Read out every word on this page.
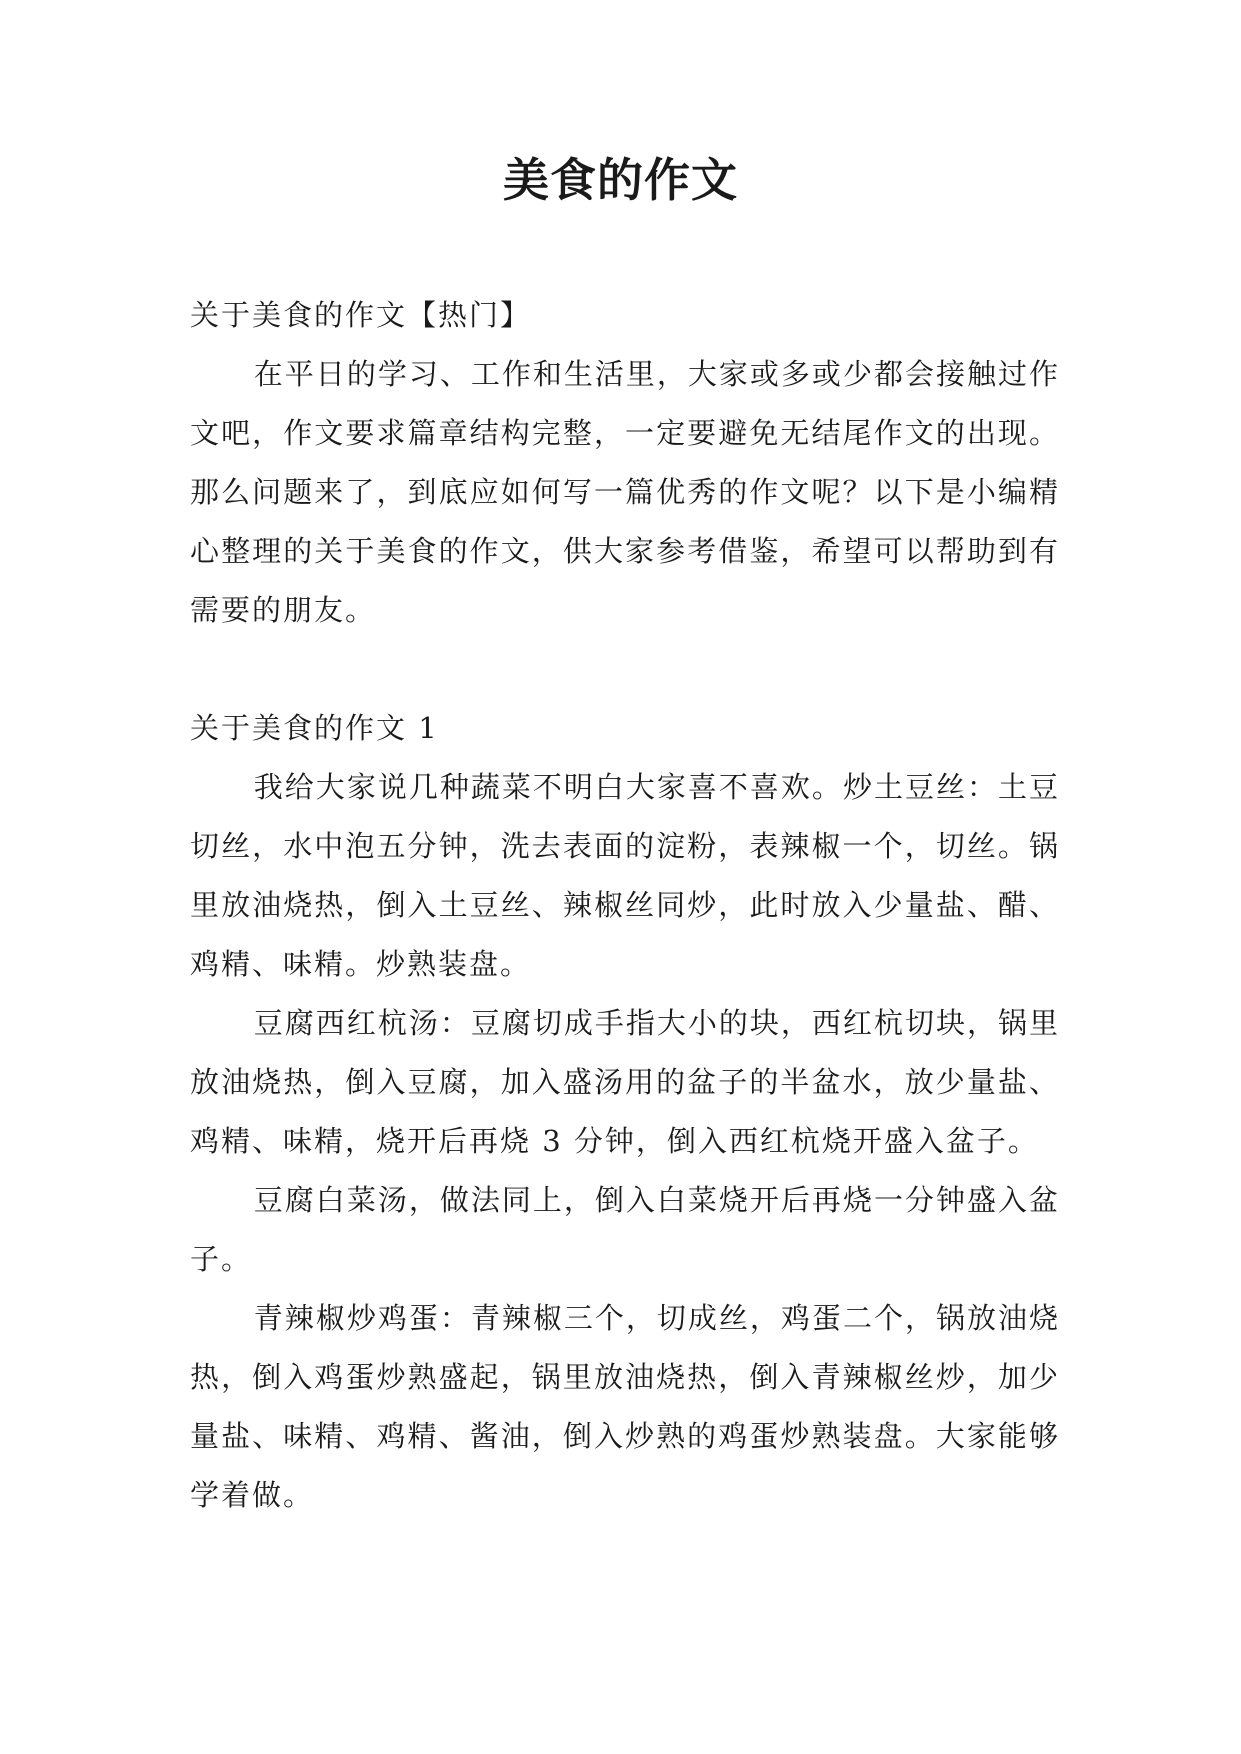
美食的作文
关于美食的作文【热门】

在平日的学习、工作和生活里，大家或多或少都会接触过作文吧，作文要求篇章结构完整，一定要避免无结尾作文的出现。那么问题来了，到底应如何写一篇优秀的作文呢？以下是小编精心整理的关于美食的作文，供大家参考借鉴，希望可以帮助到有需要的朋友。

关于美食的作文 1

我给大家说几种蔬菜不明白大家喜不喜欢。炒土豆丝：土豆切丝，水中泡五分钟，洗去表面的淀粉，表辣椒一个，切丝。锅里放油烧热，倒入土豆丝、辣椒丝同炒，此时放入少量盐、醋、鸡精、味精。炒熟装盘。

豆腐西红杭汤：豆腐切成手指大小的块，西红杭切块，锅里放油烧热，倒入豆腐，加入盛汤用的盆子的半盆水，放少量盐、鸡精、味精，烧开后再烧 3 分钟，倒入西红杭烧开盛入盆子。

豆腐白菜汤，做法同上，倒入白菜烧开后再烧一分钟盛入盆子。

青辣椒炒鸡蛋：青辣椒三个，切成丝，鸡蛋二个，锅放油烧热，倒入鸡蛋炒熟盛起，锅里放油烧热，倒入青辣椒丝炒，加少量盐、味精、鸡精、酱油，倒入炒熟的鸡蛋炒熟装盘。大家能够学着做。
